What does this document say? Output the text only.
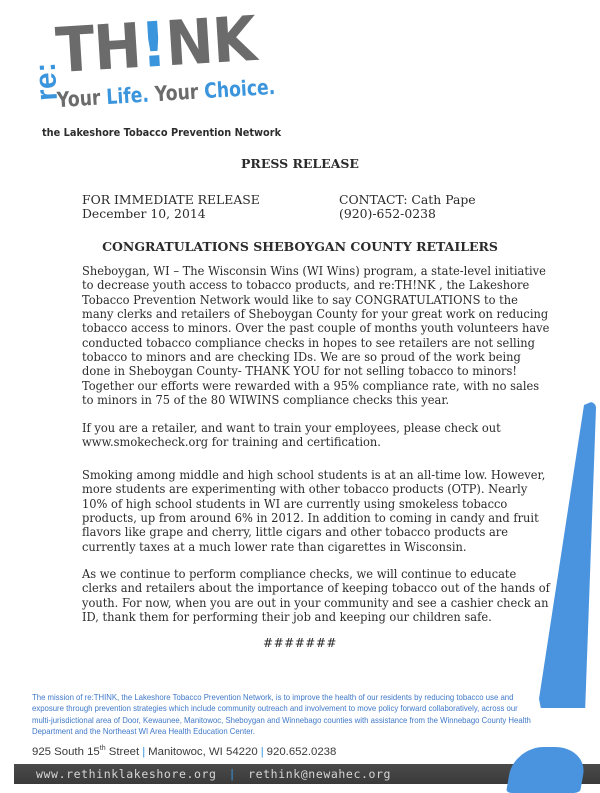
re:
TH!NK
Your Life. Your Choice.
the Lakeshore Tobacco Prevention Network
PRESS RELEASE
FOR IMMEDIATE RELEASE
December 10, 2014
CONTACT: Cath Pape
(920)-652-0238
CONGRATULATIONS SHEBOYGAN COUNTY RETAILERS

Sheboygan, WI – The Wisconsin Wins (WI Wins) program, a state-level initiative to decrease youth access to tobacco products, and re:TH!NK , the Lakeshore Tobacco Prevention Network would like to say CONGRATULATIONS to the many clerks and retailers of Sheboygan County for your great work on reducing tobacco access to minors. Over the past couple of months youth volunteers have conducted tobacco compliance checks in hopes to see retailers are not selling tobacco to minors and are checking IDs. We are so proud of the work being done in Sheboygan County- THANK YOU for not selling tobacco to minors! Together our efforts were rewarded with a 95% compliance rate, with no sales to minors in 75 of the 80 WIWINS compliance checks this year.

If you are a retailer, and want to train your employees, please check out www.smokecheck.org for training and certification.

Smoking among middle and high school students is at an all-time low. However, more students are experimenting with other tobacco products (OTP). Nearly 10% of high school students in WI are currently using smokeless tobacco products, up from around 6% in 2012. In addition to coming in candy and fruit flavors like grape and cherry, little cigars and other tobacco products are currently taxes at a much lower rate than cigarettes in Wisconsin.

As we continue to perform compliance checks, we will continue to educate clerks and retailers about the importance of keeping tobacco out of the hands of youth. For now, when you are out in your community and see a cashier check an ID, thank them for performing their job and keeping our children safe.

#######

The mission of re:THINK, the Lakeshore Tobacco Prevention Network, is to improve the health of our residents by reducing tobacco use and exposure through prevention strategies which include community outreach and involvement to move policy forward collaboratively, across our multi-jurisdictional area of Door, Kewaunee, Manitowoc, Sheboygan and Winnebago counties with assistance from the Winnebago County Health Department and the Northeast WI Area Health Education Center.

925 South 15th Street | Manitowoc, WI 54220 | 920.652.0238
www.rethinklakeshore.org | rethink@newahec.org
